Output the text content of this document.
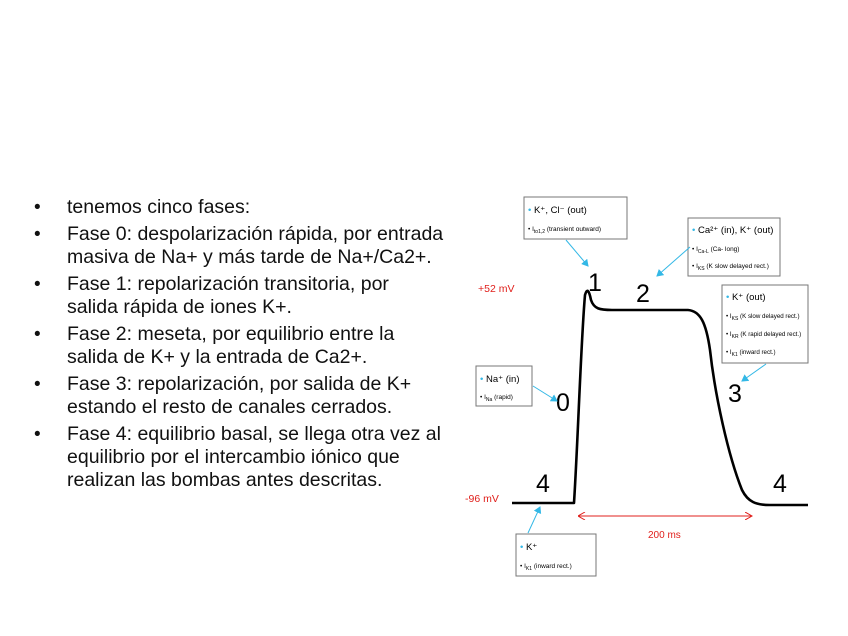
• tenemos cinco fases:
• Fase 0: despolarización rápida, por entrada masiva de Na+ y más tarde de Na+/Ca2+.
• Fase 1: repolarización transitoria, por salida rápida de iones K+.
• Fase 2: meseta, por equilibrio entre la salida de K+ y la entrada de Ca2+.
• Fase 3: repolarización, por salida de K+ estando el resto de canales cerrados.
• Fase 4: equilibrio basal, se llega otra vez al equilibrio por el intercambio iónico que realizan las bombas antes descritas.
+52 mV
-96 mV
0
1 2
3
4	4
200 ms
• K⁺, Cl⁻ (out)
• $I_{to1,2}$ (transient outward)	• Ca²⁺ (in), K⁺ (out)
• $I_{Ca-L}$ (Ca- long)
• $I_{KS}$ (K slow delayed rect.)
• K⁺ (out)
• $I_{KS}$ (K slow delayed rect.)
• $I_{KR}$ (K rapid delayed rect.)
• $I_{K1}$ (inward rect.)
• Na⁺ (in)
• $I_{Na}$ (rapid)
• K⁺
• $I_{K1}$ (inward rect.)
